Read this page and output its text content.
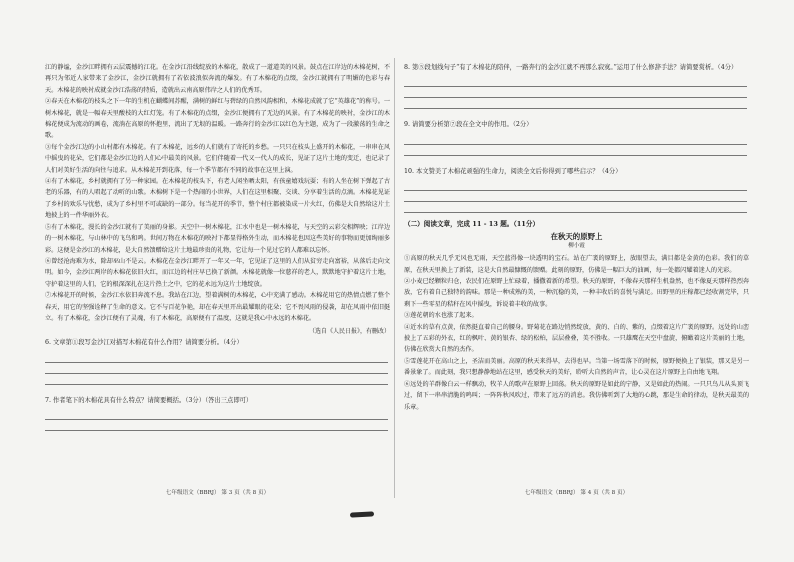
江的静谧，金沙江畔拥有云层震撼的江花。在金沙江沿线绽放的木棉花，散成了一道道美的风景。鼓点在江岸边的木棉花树，不再只为邻近人家带来了金沙江，金沙江就拥有了若依波浪似奔流的爆发。有了木棉花的点缀，金沙江就拥有了明媚的色彩与春天。木棉花的映衬成就金沙江浩荡的特质，造就出云南高原伟岸之人们的优秀耳。

②春天在木棉花的枝头之下一年的生机在蝴蝶间苏醒，满树的鲜红与碧绿的自然风韵相和，木棉花成就了它“英雄花”的称号。一树木棉花，就是一幅春天里酸枝的大红灯笼。有了木棉花的点缀，金沙江便拥有了无边的风景。有了木棉花的映衬，金沙江的木棉花便成为流动的画卷，流淌在高原的怀抱里，流出了无垠的温暖。一路奔行的金沙江以红色为主题，成为了一段激荡的生命之歌。

③每个金沙江边的小山村都有木棉花。有了木棉花，远乡的人们就有了寄托的乡愁。一只只在枝头上盛开的木棉花，一串串在风中摇曳的花朵，它们都是金沙江边的人们心中最美的风景。它们伴随着一代又一代人的成长，见证了这片土地的变迁，也记录了人们对美好生活的向往与追求。从木棉花开到花落，每一个季节都有不同的故事在这里上演。

④有了木棉花，乡村就拥有了另一种家园。在木棉花的枝头下，有老人闲坐晒太阳，有孩童嬉戏玩耍；有的人坐在树下弹起了古老的乐器，有的人唱起了动听的山歌。木棉树下是一个热闹的小世界，人们在这里相聚、交谈、分享着生活的点滴。木棉花见证了乡村的欢乐与忧愁，成为了乡村里不可或缺的一部分。每当花开的季节，整个村庄都被染成一片火红，仿佛是大自然给这片土地披上的一件华丽外衣。

⑤有了木棉花，漫长的金沙江就有了美丽的身影。天空中一树木棉花，江水中也是一树木棉花，与天空的云彩交相辉映；江岸边的一树木棉花，与山林中的飞鸟和鸣。世间万物在木棉花的映衬下都显得格外生动，而木棉花也因这些美好的事物而更加绚丽多彩。这便是金沙江的木棉花，是大自然馈赠给这片土地最珍贵的礼物，它让每一个见过它的人都难以忘怀。

⑥曾经沧海难为水，除却巫山不是云。木棉花在金沙江畔开了一年又一年，它见证了这里的人们从贫穷走向富裕，从落后走向文明。如今，金沙江两岸的木棉花依旧火红，而江边的村庄早已换了新颜。木棉花就像一位慈祥的老人，默默地守护着这片土地，守护着这里的人们，它的根深深扎在这片热土之中，它的花永远为这片土地绽放。

⑦木棉花开的时候，金沙江水依旧奔流不息。我站在江边，望着满树的木棉花，心中充满了感动。木棉花用它的热情点燃了整个春天，用它的坚强诠释了生命的意义。它不与百花争艳，却在春天里开出最耀眼的花朵；它不畏风雨的侵袭，却在风雨中依旧挺立。有了木棉花，金沙江便有了灵魂，有了木棉花，高原便有了温度，这就是我心中永远的木棉花。

（选自《人民日报》，有删改）

6. 文章第①段写金沙江对描写木棉花有什么作用？请简要分析。（4分）

7. 作者笔下的木棉花具有什么特点？请简要概括。（3分）（答出三点即可）

七年级语文（BBRJ） 第 3 页（共 8 页）

8. 第⑤段划线句子“有了木棉花的陪伴，一路奔行的金沙江就不再那么寂寞。”运用了什么修辞手法？请简要赏析。（4分）

9. 请简要分析第⑦段在全文中的作用。（2分）

10. 本文赞美了木棉花顽强的生命力，阅读全文后你得到了哪些启示？（4分）

（二）阅读文章，完成 11 - 13 题。（11分）

在秋天的原野上

柳小霞

①高原的秋天几乎无风也无雨，天空蓝得像一块透明的宝石。站在广袤的原野上，放眼望去，满目都是金黄的色彩。我们的草原，在秋天里换上了新装，这是大自然最慷慨的馈赠。此刻的原野，仿佛是一幅巨大的油画，每一处都闪耀着迷人的光彩。

②小麦已经颗粒归仓，农民们在原野上忙碌着，播撒着新的希望。秋天的原野，不像春天那样生机盎然，也不像夏天那样热烈奔放，它有着自己独特的韵味。那是一种成熟的美，一种沉稳的美，一种丰收后的喜悦与满足。田野里的庄稼都已经收割完毕，只剩下一些零星的秸秆在风中摇曳，诉说着丰收的故事。

③莲花朝的水也涨了起来。

④近水的草有点黄，依然挺直着自己的腰身。野菊花在路边悄然绽放，黄的、白的、紫的，点缀着这片广袤的原野。远处的山峦披上了五彩的外衣，红的枫叶、黄的银杏、绿的松柏，层层叠叠，美不胜收。一只雄鹰在天空中盘旋，俯瞰着这片美丽的土地，仿佛在欣赏大自然的杰作。

⑤雪莲花开在高山之上，圣洁而美丽。高原的秋天来得早，去得也早。当第一场雪落下的时候，原野便换上了银装，那又是另一番景象了。而此刻，我只想静静地站在这里，感受秋天的美好，聆听大自然的声音，让心灵在这片原野上自由地飞翔。

⑥远处的羊群像白云一样飘动，牧羊人的歌声在原野上回荡。秋天的原野是如此的宁静，又是如此的热闹。一只只鸟儿从头顶飞过，留下一串串清脆的鸣叫；一阵阵秋风吹过，带来了远方的消息。我仿佛听到了大地的心跳，那是生命的律动，是秋天最美的乐章。

七年级语文（BBRJ） 第 4 页（共 8 页）
